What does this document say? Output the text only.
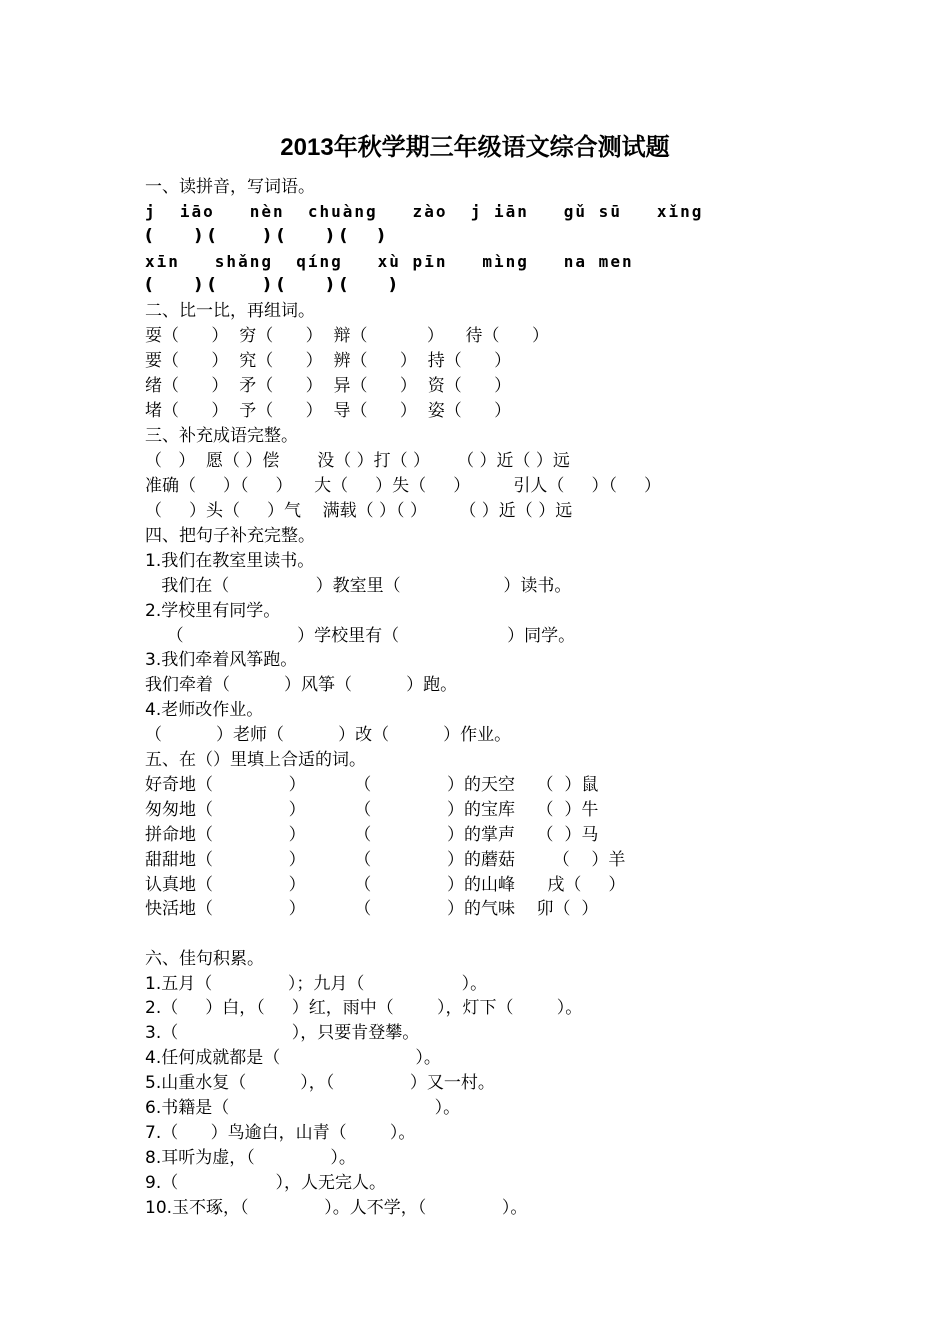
2013年秋学期三年级语文综合测试题
一、读拼音，写词语。
j  iāo   nèn  chuàng   zào  j iān   gǔ sū   xǐng
(       ) (        ) (       ) (     )
xīn   shǎng  qíng   xù pīn   mìng   na men
(       ) (        ) (       ) (       )
二、比一比，再组词。
耍（      ）  穷（      ）  辩（           ）    待（      ）
要（      ）  究（      ）  辨（      ）  持（      ）
绪（      ）  矛（      ）  异（      ）  资（      ）
堵（      ）  予（      ）  导（      ）  姿（      ）
三、补充成语完整。
（   ）  愿（ ）偿       没（ ）打（ ）     （ ）近（ ）远
准确（     ）（     ）    大（     ）失（     ）        引人（     ）（     ）
（     ）头（     ）气    满载（ ）（ ）      （ ）近（ ）远
四、把句子补充完整。
1.我们在教室里读书。
我们在（                ）教室里（                   ）读书。
2.学校里有同学。
（                     ）学校里有（                    ）同学。
3.我们牵着风筝跑。
我们牵着（          ）风筝（          ）跑。
4.老师改作业。
（          ）老师（          ）改（          ）作业。
五、在（）里填上合适的词。
好奇地（              ）         （              ）的天空    （  ）鼠
匆匆地（              ）         （              ）的宝库    （  ）牛
拼命地（              ）         （              ）的掌声    （  ）马
甜甜地（              ）         （              ）的蘑菇       （    ）羊
认真地（              ）         （              ）的山峰      戌（     ）
快活地（              ）         （              ）的气味    卯（  ）
六、佳句积累。
1.五月（              ）；九月（                  ）。
2.（     ）白，（     ）红，雨中（        ），灯下（        ）。
3.（                     ），只要肯登攀。
4.任何成就都是（                         ）。
5.山重水复（          ），（              ）又一村。
6.书籍是（                                      ）。
7.（      ）鸟逾白，山青（        ）。
8.耳听为虚，（              ）。
9.（                  ），人无完人。
10.玉不琢，（              ）。人不学，（              ）。
